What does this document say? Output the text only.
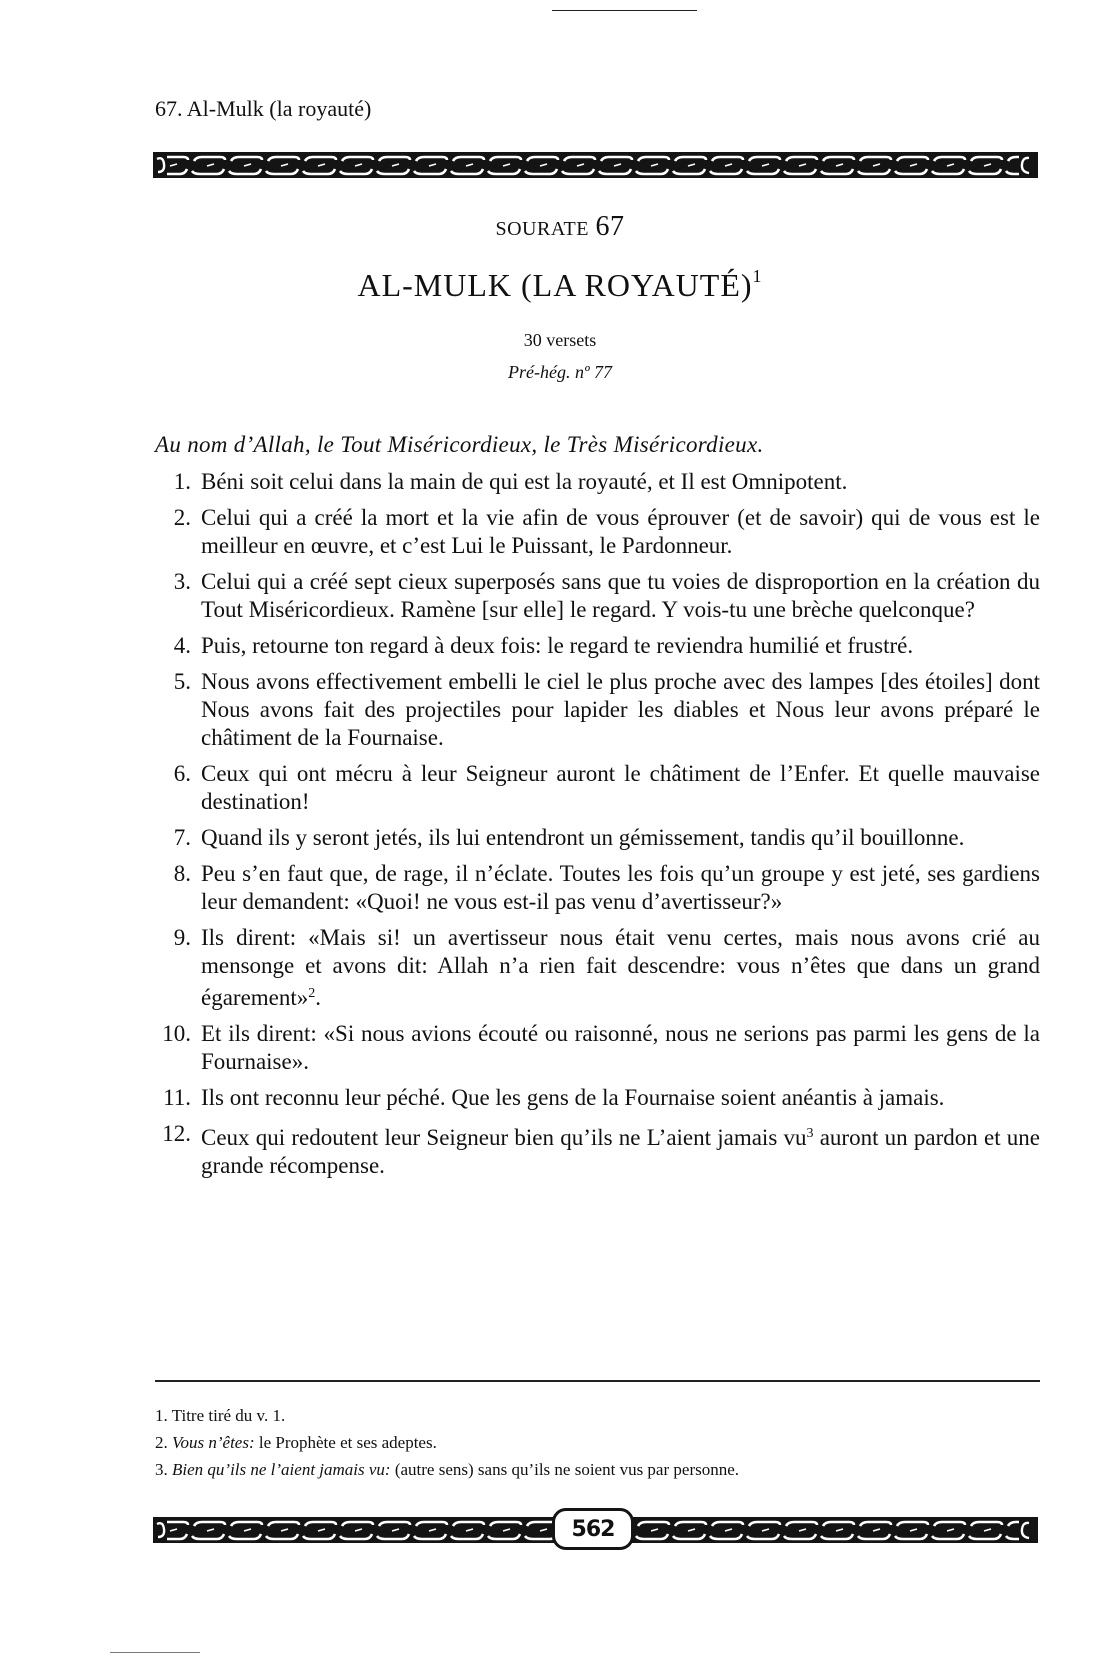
67. Al-Mulk (la royauté)
SOURATE 67
AL-MULK (LA ROYAUTÉ)$^1$
30 versets
Pré-hég. nº 77
Au nom d’Allah, le Tout Miséricordieux, le Très Miséricordieux.
1. Béni soit celui dans la main de qui est la royauté, et Il est Omnipotent.
2. Celui qui a créé la mort et la vie afin de vous éprouver (et de savoir) qui de vous est le meilleur en œuvre, et c’est Lui le Puissant, le Pardonneur.
3. Celui qui a créé sept cieux superposés sans que tu voies de disproportion en la création du Tout Miséricordieux. Ramène [sur elle] le regard. Y vois-tu une brèche quelconque?
4. Puis, retourne ton regard à deux fois: le regard te reviendra humilié et frustré.
5. Nous avons effectivement embelli le ciel le plus proche avec des lampes [des étoiles] dont Nous avons fait des projectiles pour lapider les diables et Nous leur avons préparé le châtiment de la Fournaise.
6. Ceux qui ont mécru à leur Seigneur auront le châtiment de l’Enfer. Et quelle mauvaise destination!
7. Quand ils y seront jetés, ils lui entendront un gémissement, tandis qu’il bouillonne.
8. Peu s’en faut que, de rage, il n’éclate. Toutes les fois qu’un groupe y est jeté, ses gardiens leur demandent: «Quoi! ne vous est-il pas venu d’avertisseur?»
9. Ils dirent: «Mais si! un avertisseur nous était venu certes, mais nous avons crié au mensonge et avons dit: Allah n’a rien fait descendre: vous n’êtes que dans un grand égarement»$^2$.
10. Et ils dirent: «Si nous avions écouté ou raisonné, nous ne serions pas parmi les gens de la Fournaise».
11. Ils ont reconnu leur péché. Que les gens de la Fournaise soient anéantis à jamais.
12. Ceux qui redoutent leur Seigneur bien qu’ils ne L’aient jamais $vu^3$ auront un pardon et une grande récompense.
1. Titre tiré du v. 1.
2. Vous n’êtes: le Prophète et ses adeptes.
3. Bien qu’ils ne l’aient jamais vu: (autre sens) sans qu’ils ne soient vus par personne.
562
